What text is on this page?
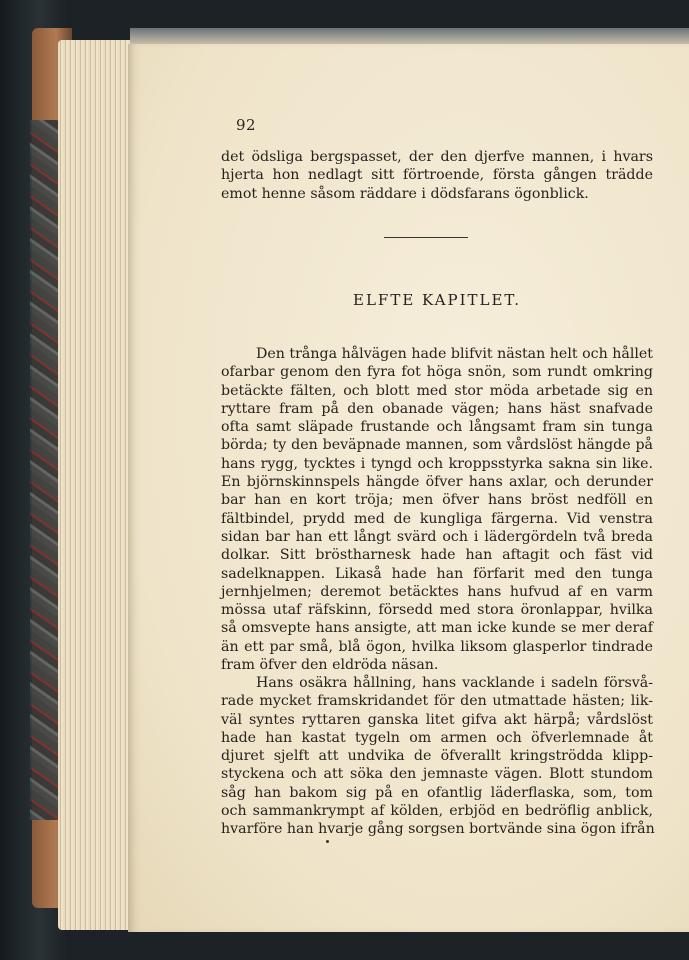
92
det ödsliga bergspasset, der den djerfve mannen, i hvars
hjerta hon nedlagt sitt förtroende, första gången trädde
emot henne såsom räddare i dödsfarans ögonblick.
ELFTE KAPITLET.
Den trånga hålvägen hade blifvit nästan helt och hållet
ofarbar genom den fyra fot höga snön, som rundt omkring
betäckte fälten, och blott med stor möda arbetade sig en
ryttare fram på den obanade vägen; hans häst snafvade
ofta samt släpade frustande och långsamt fram sin tunga
börda; ty den beväpnade mannen, som vårdslöst hängde på
hans rygg, tycktes i tyngd och kroppsstyrka sakna sin like.
En björnskinnspels hängde öfver hans axlar, och derunder
bar han en kort tröja; men öfver hans bröst nedföll en
fältbindel, prydd med de kungliga färgerna. Vid venstra
sidan bar han ett långt svärd och i lädergördeln två breda
dolkar. Sitt bröstharnesk hade han aftagit och fäst vid
sadelknappen. Likaså hade han förfarit med den tunga
jernhjelmen; deremot betäcktes hans hufvud af en varm
mössa utaf räfskinn, försedd med stora öronlappar, hvilka
så omsvepte hans ansigte, att man icke kunde se mer deraf
än ett par små, blå ögon, hvilka liksom glasperlor tindrade
fram öfver den eldröda näsan.
Hans osäkra hållning, hans vacklande i sadeln försvå-
rade mycket framskridandet för den utmattade hästen; lik-
väl syntes ryttaren ganska litet gifva akt härpå; vårdslöst
hade han kastat tygeln om armen och öfverlemnade åt
djuret sjelft att undvika de öfverallt kringströdda klipp-
styckena och att söka den jemnaste vägen. Blott stundom
såg han bakom sig på en ofantlig läderflaska, som, tom
och sammankrympt af kölden, erbjöd en bedröflig anblick,
hvarföre han hvarje gång sorgsen bortvände sina ögon ifrån
